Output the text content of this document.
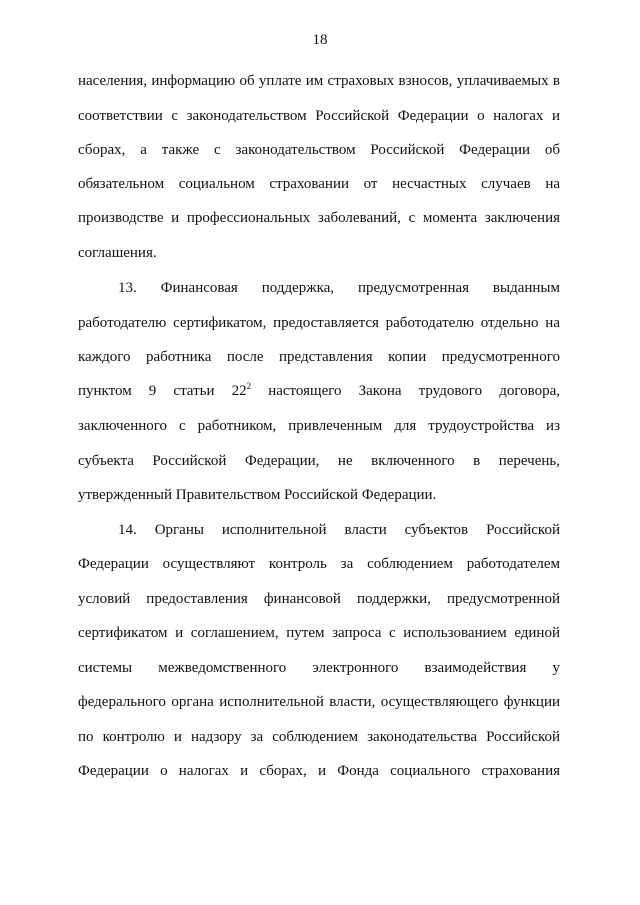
18
населения, информацию об уплате им страховых взносов, уплачиваемых в
соответствии с законодательством Российской Федерации о налогах и
сборах, а также с законодательством Российской Федерации об
обязательном социальном страховании от несчастных случаев на
производстве и профессиональных заболеваний, с момента заключения
соглашения.
13. Финансовая поддержка, предусмотренная выданным
работодателю сертификатом, предоставляется работодателю отдельно на
каждого работника после представления копии предусмотренного
пунктом 9 статьи $22^2$ настоящего Закона трудового договора,
заключенного с работником, привлеченным для трудоустройства из
субъекта Российской Федерации, не включенного в перечень,
утвержденный Правительством Российской Федерации.
14. Органы исполнительной власти субъектов Российской
Федерации осуществляют контроль за соблюдением работодателем
условий предоставления финансовой поддержки, предусмотренной
сертификатом и соглашением, путем запроса с использованием единой
системы межведомственного электронного взаимодействия у
федерального органа исполнительной власти, осуществляющего функции
по контролю и надзору за соблюдением законодательства Российской
Федерации о налогах и сборах, и Фонда социального страхования
